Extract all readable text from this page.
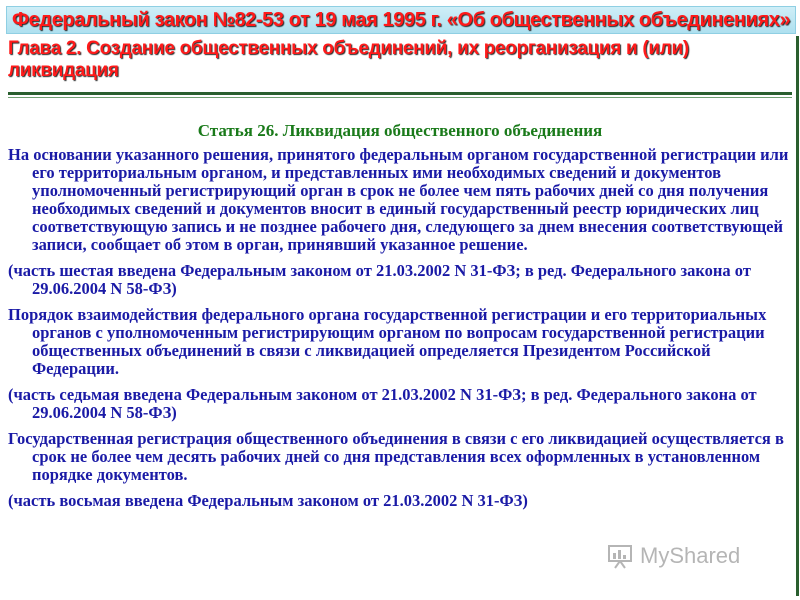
Федеральный закон №82-53 от 19 мая 1995 г. «Об общественных объединениях»
Глава 2. Создание общественных объединений, их реорганизация и (или) ликвидация
Статья 26. Ликвидация общественного объединения

На основании указанного решения, принятого федеральным органом государственной регистрации или его территориальным органом, и представленных ими необходимых сведений и документов уполномоченный регистрирующий орган в срок не более чем пять рабочих дней со дня получения необходимых сведений и документов вносит в единый государственный реестр юридических лиц соответствующую запись и не позднее рабочего дня, следующего за днем внесения соответствующей записи, сообщает об этом в орган, принявший указанное решение.

(часть шестая введена Федеральным законом от 21.03.2002 N 31-ФЗ; в ред. Федерального закона от 29.06.2004 N 58-ФЗ)

Порядок взаимодействия федерального органа государственной регистрации и его территориальных органов с уполномоченным регистрирующим органом по вопросам государственной регистрации общественных объединений в связи с ликвидацией определяется Президентом Российской Федерации.

(часть седьмая введена Федеральным законом от 21.03.2002 N 31-ФЗ; в ред. Федерального закона от 29.06.2004 N 58-ФЗ)

Государственная регистрация общественного объединения в связи с его ликвидацией осуществляется в срок не более чем десять рабочих дней со дня представления всех оформленных в установленном порядке документов.

(часть восьмая введена Федеральным законом от 21.03.2002 N 31-ФЗ)

MyShared
